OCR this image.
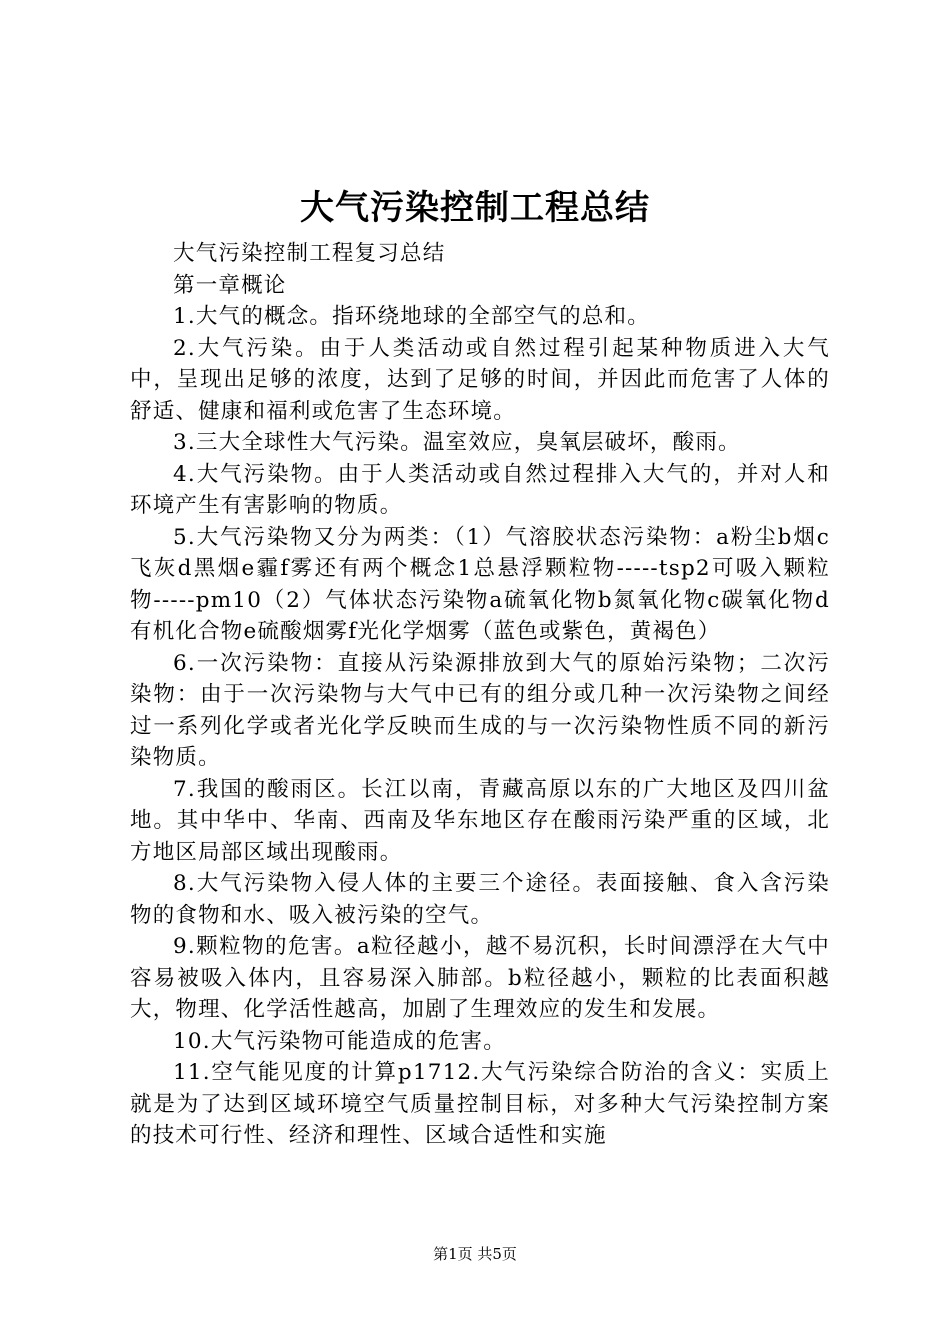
大气污染控制工程总结

大气污染控制工程复习总结

第一章概论

1.大气的概念。指环绕地球的全部空气的总和。

2.大气污染。由于人类活动或自然过程引起某种物质进入大气中，呈现出足够的浓度，达到了足够的时间，并因此而危害了人体的舒适、健康和福利或危害了生态环境。

3.三大全球性大气污染。温室效应，臭氧层破坏，酸雨。

4.大气污染物。由于人类活动或自然过程排入大气的，并对人和环境产生有害影响的物质。

5.大气污染物又分为两类：（1）气溶胶状态污染物：a粉尘b烟c飞灰d黑烟e霾f雾还有两个概念1总悬浮颗粒物-----tsp2可吸入颗粒物-----pm10（2）气体状态污染物a硫氧化物b氮氧化物c碳氧化物d有机化合物e硫酸烟雾f光化学烟雾（蓝色或紫色，黄褐色）

6.一次污染物：直接从污染源排放到大气的原始污染物；二次污染物：由于一次污染物与大气中已有的组分或几种一次污染物之间经过一系列化学或者光化学反映而生成的与一次污染物性质不同的新污染物质。

7.我国的酸雨区。长江以南，青藏高原以东的广大地区及四川盆地。其中华中、华南、西南及华东地区存在酸雨污染严重的区域，北方地区局部区域出现酸雨。

8.大气污染物入侵人体的主要三个途径。表面接触、食入含污染物的食物和水、吸入被污染的空气。

9.颗粒物的危害。a粒径越小，越不易沉积，长时间漂浮在大气中容易被吸入体内，且容易深入肺部。b粒径越小，颗粒的比表面积越大，物理、化学活性越高，加剧了生理效应的发生和发展。

10.大气污染物可能造成的危害。

11.空气能见度的计算p1712.大气污染综合防治的含义：实质上就是为了达到区域环境空气质量控制目标，对多种大气污染控制方案的技术可行性、经济和理性、区域合适性和实施

第1页 共5页
